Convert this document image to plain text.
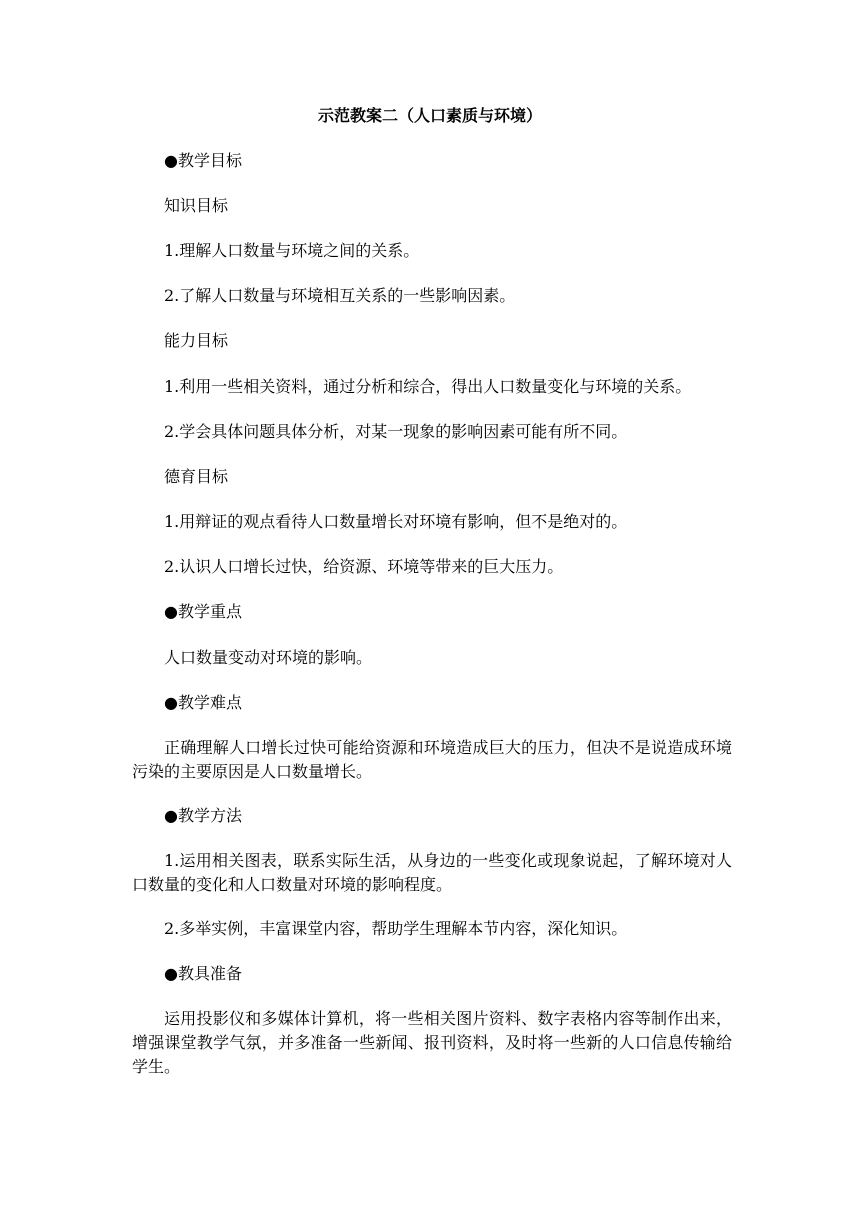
示范教案二（人口素质与环境）
●教学目标
知识目标
1.理解人口数量与环境之间的关系。
2.了解人口数量与环境相互关系的一些影响因素。
能力目标
1.利用一些相关资料，通过分析和综合，得出人口数量变化与环境的关系。
2.学会具体问题具体分析，对某一现象的影响因素可能有所不同。
德育目标
1.用辩证的观点看待人口数量增长对环境有影响，但不是绝对的。
2.认识人口增长过快，给资源、环境等带来的巨大压力。
●教学重点
人口数量变动对环境的影响。
●教学难点
正确理解人口增长过快可能给资源和环境造成巨大的压力，但决不是说造成环境污染的主要原因是人口数量增长。
●教学方法
1.运用相关图表，联系实际生活，从身边的一些变化或现象说起，了解环境对人口数量的变化和人口数量对环境的影响程度。
2.多举实例，丰富课堂内容，帮助学生理解本节内容，深化知识。
●教具准备
运用投影仪和多媒体计算机，将一些相关图片资料、数字表格内容等制作出来，增强课堂教学气氛，并多准备一些新闻、报刊资料，及时将一些新的人口信息传输给学生。
